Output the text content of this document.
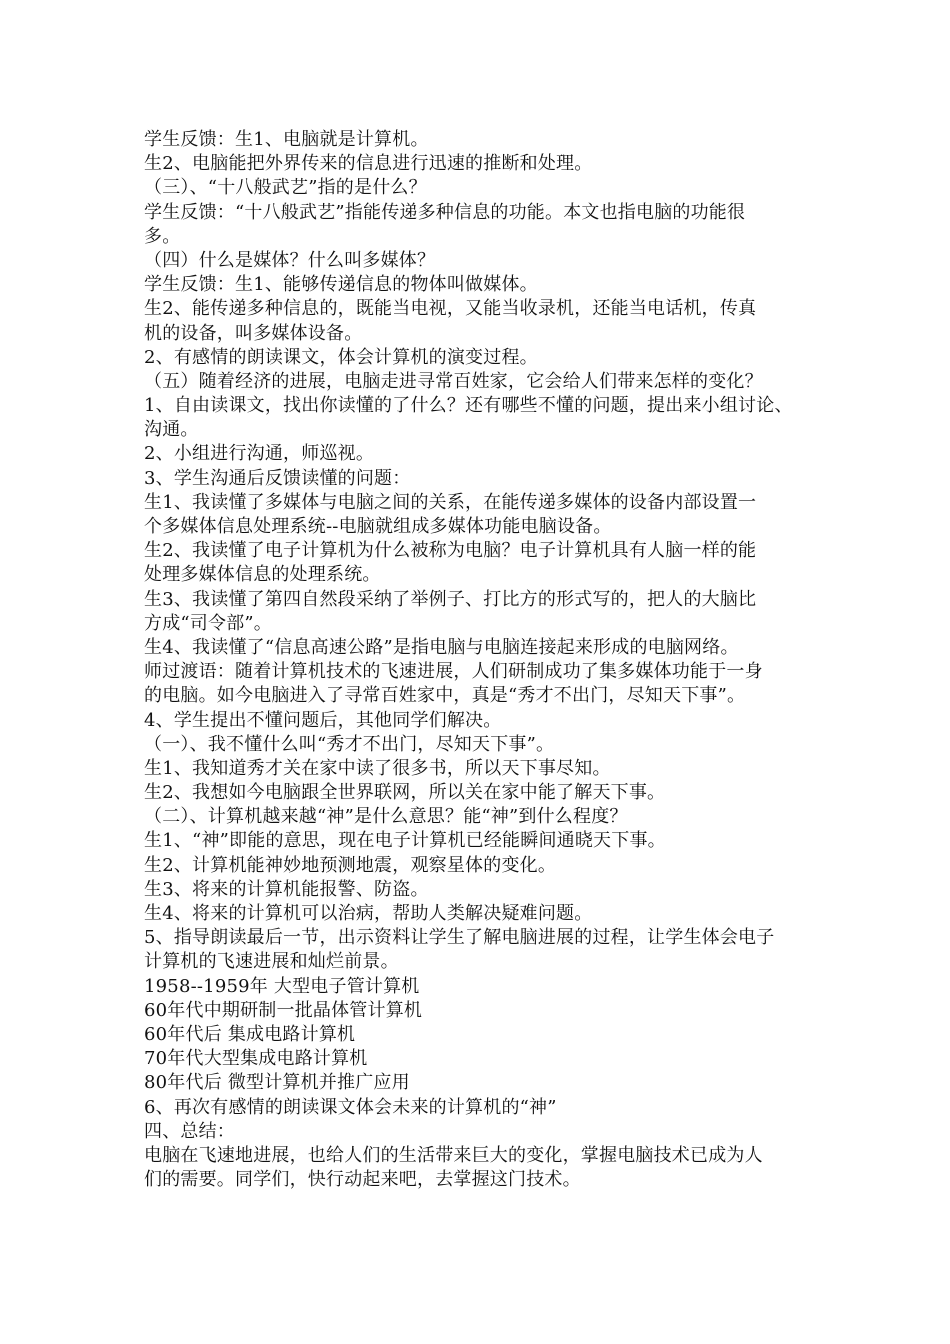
学生反馈：生1、电脑就是计算机。
生2、电脑能把外界传来的信息进行迅速的推断和处理。
（三）、“十八般武艺”指的是什么？
学生反馈：“十八般武艺”指能传递多种信息的功能。本文也指电脑的功能很
多。
（四）什么是媒体？什么叫多媒体？
学生反馈：生1、能够传递信息的物体叫做媒体。
生2、能传递多种信息的，既能当电视，又能当收录机，还能当电话机，传真
机的设备，叫多媒体设备。
2、有感情的朗读课文，体会计算机的演变过程。
（五）随着经济的进展，电脑走进寻常百姓家，它会给人们带来怎样的变化？
1、自由读课文，找出你读懂的了什么？还有哪些不懂的问题，提出来小组讨论、
沟通。
2、小组进行沟通，师巡视。
3、学生沟通后反馈读懂的问题：
生1、我读懂了多媒体与电脑之间的关系，在能传递多媒体的设备内部设置一
个多媒体信息处理系统--电脑就组成多媒体功能电脑设备。
生2、我读懂了电子计算机为什么被称为电脑？电子计算机具有人脑一样的能
处理多媒体信息的处理系统。
生3、我读懂了第四自然段采纳了举例子、打比方的形式写的，把人的大脑比
方成“司令部”。
生4、我读懂了“信息高速公路”是指电脑与电脑连接起来形成的电脑网络。
师过渡语：随着计算机技术的飞速进展，人们研制成功了集多媒体功能于一身
的电脑。如今电脑进入了寻常百姓家中，真是“秀才不出门，尽知天下事”。
4、学生提出不懂问题后，其他同学们解决。
（一）、我不懂什么叫“秀才不出门，尽知天下事”。
生1、我知道秀才关在家中读了很多书，所以天下事尽知。
生2、我想如今电脑跟全世界联网，所以关在家中能了解天下事。
（二）、计算机越来越“神”是什么意思？能“神”到什么程度？
生1、“神”即能的意思，现在电子计算机已经能瞬间通晓天下事。
生2、计算机能神妙地预测地震，观察星体的变化。
生3、将来的计算机能报警、防盗。
生4、将来的计算机可以治病，帮助人类解决疑难问题。
5、指导朗读最后一节，出示资料让学生了解电脑进展的过程，让学生体会电子
计算机的飞速进展和灿烂前景。
1958--1959年 大型电子管计算机
60年代中期研制一批晶体管计算机
60年代后 集成电路计算机
70年代大型集成电路计算机
80年代后 微型计算机并推广应用
6、再次有感情的朗读课文体会未来的计算机的“神”
四、总结：
电脑在飞速地进展，也给人们的生活带来巨大的变化，掌握电脑技术已成为人
们的需要。同学们，快行动起来吧，去掌握这门技术。
